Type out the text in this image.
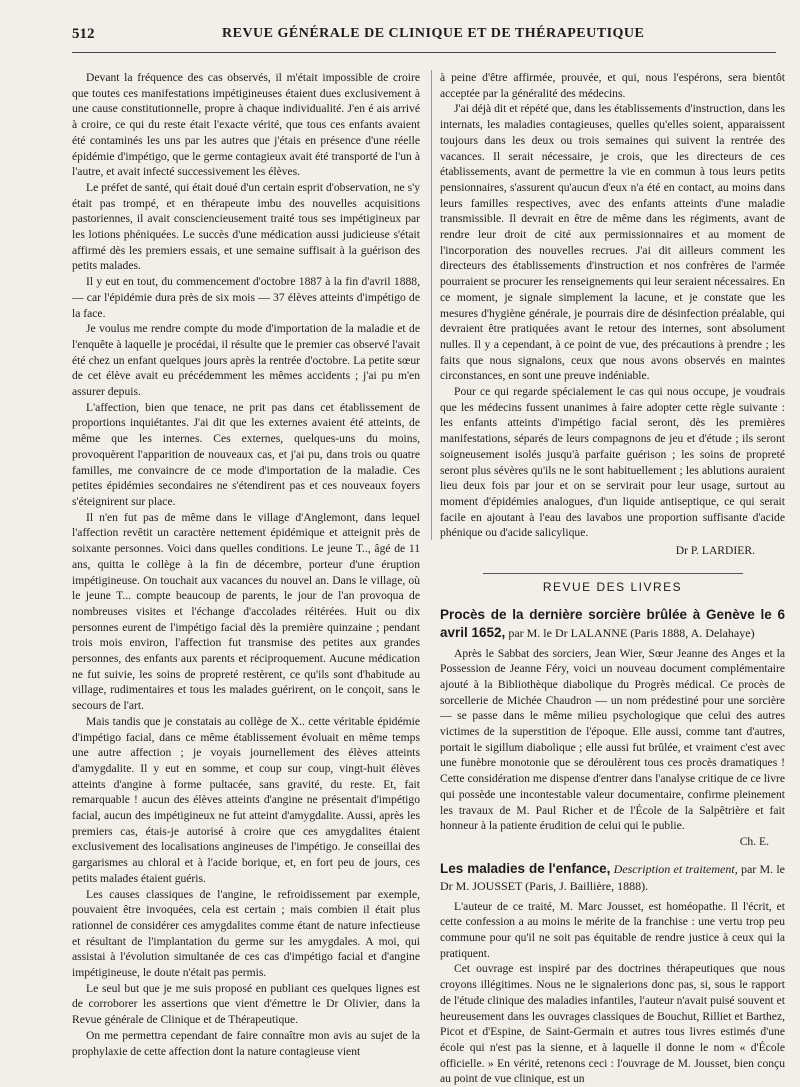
512	REVUE GÉNÉRALE DE CLINIQUE ET DE THÉRAPEUTIQUE

Devant la fréquence des cas observés, il m'était impossible de croire que toutes ces manifestations impétigineuses étaient dues exclusivement à une cause constitutionnelle, propre à chaque individualité. J'en é ais arrivé à croire, ce qui du reste était l'exacte vérité, que tous ces enfants avaient été contaminés les uns par les autres que j'étais en présence d'une réelle épidémie d'impétigo, que le germe contagieux avait été transporté de l'un à l'autre, et avait infecté successivement les élèves.

Le préfet de santé, qui était doué d'un certain esprit d'observation, ne s'y était pas trompé, et en thérapeute imbu des nouvelles acquisitions pastoriennes, il avait consciencieusement traité tous ses impétigineux par les lotions phéniquées. Le succès d'une médication aussi judicieuse s'était affirmé dès les premiers essais, et une semaine suffisait à la guérison des petits malades.

Il y eut en tout, du commencement d'octobre 1887 à la fin d'avril 1888, — car l'épidémie dura près de six mois — 37 élèves atteints d'impétigo de la face.

Je voulus me rendre compte du mode d'importation de la maladie et de l'enquête à laquelle je procédai, il résulte que le premier cas observé l'avait été chez un enfant quelques jours après la rentrée d'octobre. La petite sœur de cet élève avait eu précédemment les mêmes accidents ; j'ai pu m'en assurer depuis.

L'affection, bien que tenace, ne prit pas dans cet établissement de proportions inquiétantes. J'ai dit que les externes avaient été atteints, de même que les internes. Ces externes, quelques-uns du moins, provoquèrent l'apparition de nouveaux cas, et j'ai pu, dans trois ou quatre familles, me convaincre de ce mode d'importation de la maladie. Ces petites épidémies secondaires ne s'étendirent pas et ces nouveaux foyers s'éteignirent sur place.

Il n'en fut pas de même dans le village d'Anglemont, dans lequel l'affection revêtit un caractère nettement épidémique et atteignit près de soixante personnes. Voici dans quelles conditions. Le jeune T.., âgé de 11 ans, quitta le collège à la fin de décembre, porteur d'une éruption impétigineuse. On touchait aux vacances du nouvel an. Dans le village, où le jeune T... compte beaucoup de parents, le jour de l'an provoqua de nombreuses visites et l'échange d'accolades réitérées. Huit ou dix personnes eurent de l'impétigo facial dès la première quinzaine ; pendant trois mois environ, l'affection fut transmise des petites aux grandes personnes, des enfants aux parents et réciproquement. Aucune médication ne fut suivie, les soins de propreté restèrent, ce qu'ils sont d'habitude au village, rudimentaires et tous les malades guérirent, on le conçoit, sans le secours de l'art.

Mais tandis que je constatais au collège de X.. cette véritable épidémie d'impétigo facial, dans ce même établissement évoluait en même temps une autre affection ; je voyais journellement des élèves atteints d'amygdalite. Il y eut en somme, et coup sur coup, vingt-huit élèves atteints d'angine à forme pultacée, sans gravité, du reste. Et, fait remarquable ! aucun des élèves atteints d'angine ne présentait d'impétigo facial, aucun des impétigineux ne fut atteint d'amygdalite. Aussi, après les premiers cas, étais-je autorisé à croire que ces amygdalites étaient exclusivement des localisations angineuses de l'impétigo. Je conseillai des gargarismes au chloral et à l'acide borique, et, en fort peu de jours, ces petits malades étaient guéris.

Les causes classiques de l'angine, le refroidissement par exemple, pouvaient être invoquées, cela est certain ; mais combien il était plus rationnel de considérer ces amygdalites comme étant de nature infectieuse et résultant de l'implantation du germe sur les amygdales. A moi, qui assistai à l'évolution simultanée de ces cas d'impétigo facial et d'angine impétigineuse, le doute n'était pas permis.

Le seul but que je me suis proposé en publiant ces quelques lignes est de corroborer les assertions que vient d'émettre le Dr Olivier, dans la Revue générale de Clinique et de Thérapeutique.

On me permettra cependant de faire connaître mon avis au sujet de la prophylaxie de cette affection dont la nature contagieuse vient

à peine d'être affirmée, prouvée, et qui, nous l'espérons, sera bientôt acceptée par la généralité des médecins.

J'ai déjà dit et répété que, dans les établissements d'instruction, dans les internats, les maladies contagieuses, quelles qu'elles soient, apparaissent toujours dans les deux ou trois semaines qui suivent la rentrée des vacances. Il serait nécessaire, je crois, que les directeurs de ces établissements, avant de permettre la vie en commun à tous leurs petits pensionnaires, s'assurent qu'aucun d'eux n'a été en contact, au moins dans leurs familles respectives, avec des enfants atteints d'une maladie transmissible. Il devrait en être de même dans les régiments, avant de rendre leur droit de cité aux permissionnaires et au moment de l'incorporation des nouvelles recrues. J'ai dit ailleurs comment les directeurs des établissements d'instruction et nos confrères de l'armée pourraient se procurer les renseignements qui leur seraient nécessaires. En ce moment, je signale simplement la lacune, et je constate que les mesures d'hygiène générale, je pourrais dire de désinfection préalable, qui devraient être pratiquées avant le retour des internes, sont absolument nulles. Il y a cependant, à ce point de vue, des précautions à prendre ; les faits que nous signalons, ceux que nous avons observés en maintes circonstances, en sont une preuve indéniable.

Pour ce qui regarde spécialement le cas qui nous occupe, je voudrais que les médecins fussent unanimes à faire adopter cette règle suivante : les enfants atteints d'impétigo facial seront, dès les premières manifestations, séparés de leurs compagnons de jeu et d'étude ; ils seront soigneusement isolés jusqu'à parfaite guérison ; les soins de propreté seront plus sévères qu'ils ne le sont habituellement ; les ablutions auraient lieu deux fois par jour et on se servirait pour leur usage, surtout au moment d'épidémies analogues, d'un liquide antiseptique, ce qui serait facile en ajoutant à l'eau des lavabos une proportion suffisante d'acide phénique ou d'acide salicylique.

Dr P. LARDIER.

REVUE DES LIVRES

Procès de la dernière sorcière brûlée à Genève le 6 avril 1652, par M. le Dr LALANNE (Paris 1888, A. Delahaye)

Après le Sabbat des sorciers, Jean Wier, Sœur Jeanne des Anges et la Possession de Jeanne Féry, voici un nouveau document complémentaire ajouté à la Bibliothèque diabolique du Progrès médical. Ce procès de sorcellerie de Michée Chaudron — un nom prédestiné pour une sorcière — se passe dans le même milieu psychologique que celui des autres victimes de la superstition de l'époque. Elle aussi, comme tant d'autres, portait le sigillum diabolique ; elle aussi fut brûlée, et vraiment c'est avec une funèbre monotonie que se déroulèrent tous ces procès dramatiques ! Cette considération me dispense d'entrer dans l'analyse critique de ce livre qui possède une incontestable valeur documentaire, confirme pleinement les travaux de M. Paul Richer et de l'École de la Salpêtrière et fait honneur à la patiente érudition de celui qui le publie.

Ch. E.

Les maladies de l'enfance, Description et traitement, par M. le Dr M. JOUSSET (Paris, J. Baillière, 1888).

L'auteur de ce traité, M. Marc Jousset, est homéopathe. Il l'écrit, et cette confession a au moins le mérite de la franchise : une vertu trop peu commune pour qu'il ne soit pas équitable de rendre justice à ceux qui la pratiquent.

Cet ouvrage est inspiré par des doctrines thérapeutiques que nous croyons illégitimes. Nous ne le signalerions donc pas, si, sous le rapport de l'étude clinique des maladies infantiles, l'auteur n'avait puisé souvent et heureusement dans les ouvrages classiques de Bouchut, Rilliet et Barthez, Picot et d'Espine, de Saint-Germain et autres tous livres estimés d'une école qui n'est pas la sienne, et à laquelle il donne le nom « d'École officielle. » En vérité, retenons ceci : l'ouvrage de M. Jousset, bien conçu au point de vue clinique, est un
